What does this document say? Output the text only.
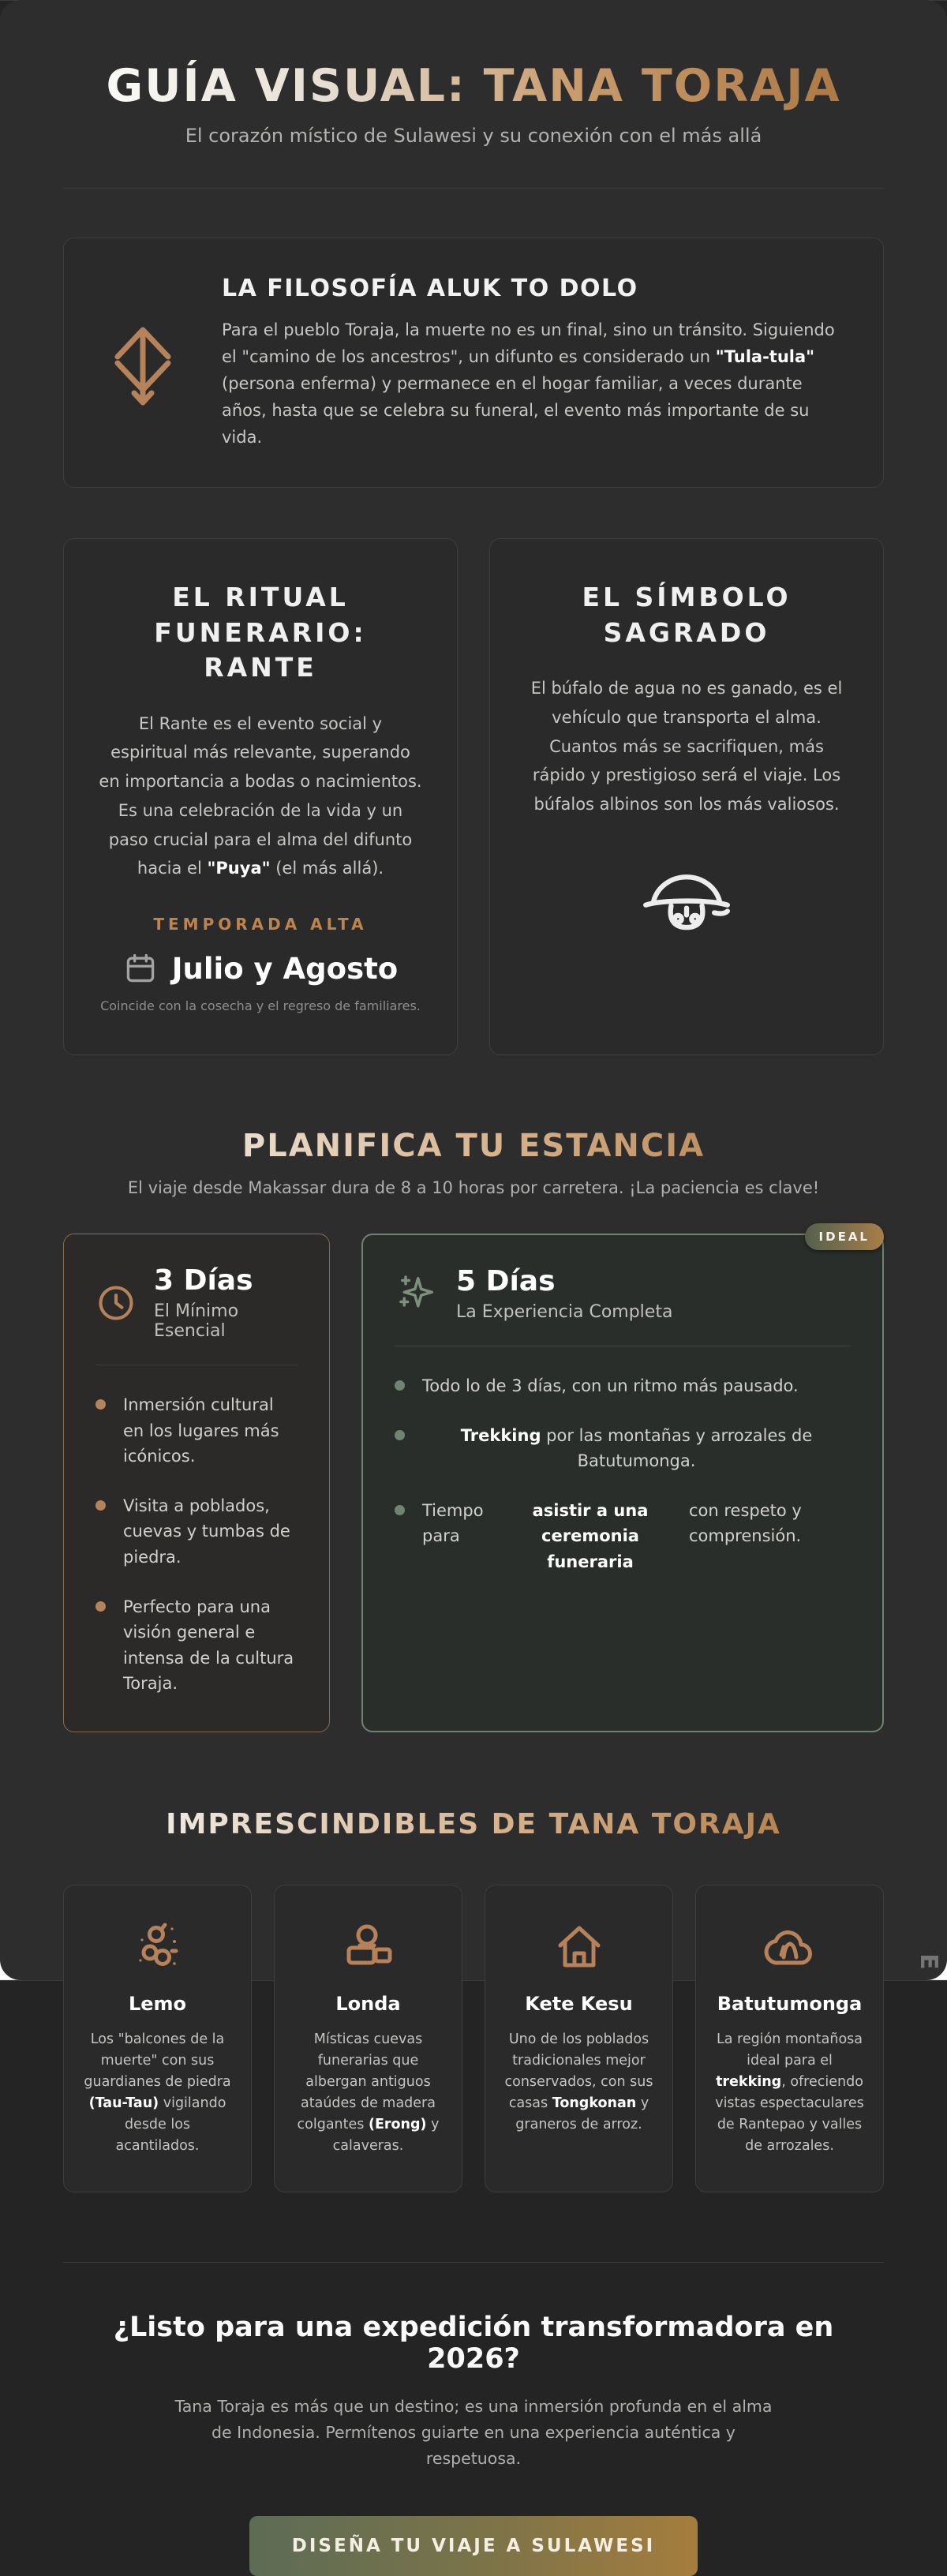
GUÍA VISUAL: TANA TORAJA

El corazón místico de Sulawesi y su conexión con el más allá

LA FILOSOFÍA ALUK TO DOLO

Para el pueblo Toraja, la muerte no es un final, sino un tránsito. Siguiendo el "camino de los ancestros", un difunto es considerado un "Tula-tula" (persona enferma) y permanece en el hogar familiar, a veces durante años, hasta que se celebra su funeral, el evento más importante de su vida.

EL RITUAL FUNERARIO: RANTE

El Rante es el evento social y espiritual más relevante, superando en importancia a bodas o nacimientos. Es una celebración de la vida y un paso crucial para el alma del difunto hacia el "Puya" (el más allá).

TEMPORADA ALTA
Julio y Agosto

Coincide con la cosecha y el regreso de familiares.

EL SÍMBOLO SAGRADO

El búfalo de agua no es ganado, es el vehículo que transporta el alma. Cuantos más se sacrifiquen, más rápido y prestigioso será el viaje. Los búfalos albinos son los más valiosos.

PLANIFICA TU ESTANCIA

El viaje desde Makassar dura de 8 a 10 horas por carretera. ¡La paciencia es clave!

3 Días

El Mínimo Esencial

Inmersión cultural en los lugares más icónicos.

Visita a poblados, cuevas y tumbas de piedra.

Perfecto para una visión general e intensa de la cultura Toraja.

IDEAL
5 Días

La Experiencia Completa

Todo lo de 3 días, con un ritmo más pausado.

Trekking por las montañas y arrozales de Batutumonga.

Tiempo para
asistir a una ceremonia funeraria
con respeto y comprensión.
IMPRESCINDIBLES DE TANA TORAJA
Lemo

Los "balcones de la muerte" con sus guardianes de piedra (Tau-Tau) vigilando desde los acantilados.

Londa

Místicas cuevas funerarias que albergan antiguos ataúdes de madera colgantes (Erong) y calaveras.

Kete Kesu

Uno de los poblados tradicionales mejor conservados, con sus casas Tongkonan y graneros de arroz.

Batutumonga

La región montañosa ideal para el trekking, ofreciendo vistas espectaculares de Rantepao y valles de arrozales.

¿Listo para una expedición transformadora en 2026?

Tana Toraja es más que un destino; es una inmersión profunda en el alma de Indonesia. Permítenos guiarte en una experiencia auténtica y respetuosa.

DISEÑA TU VIAJE A SULAWESI
E
